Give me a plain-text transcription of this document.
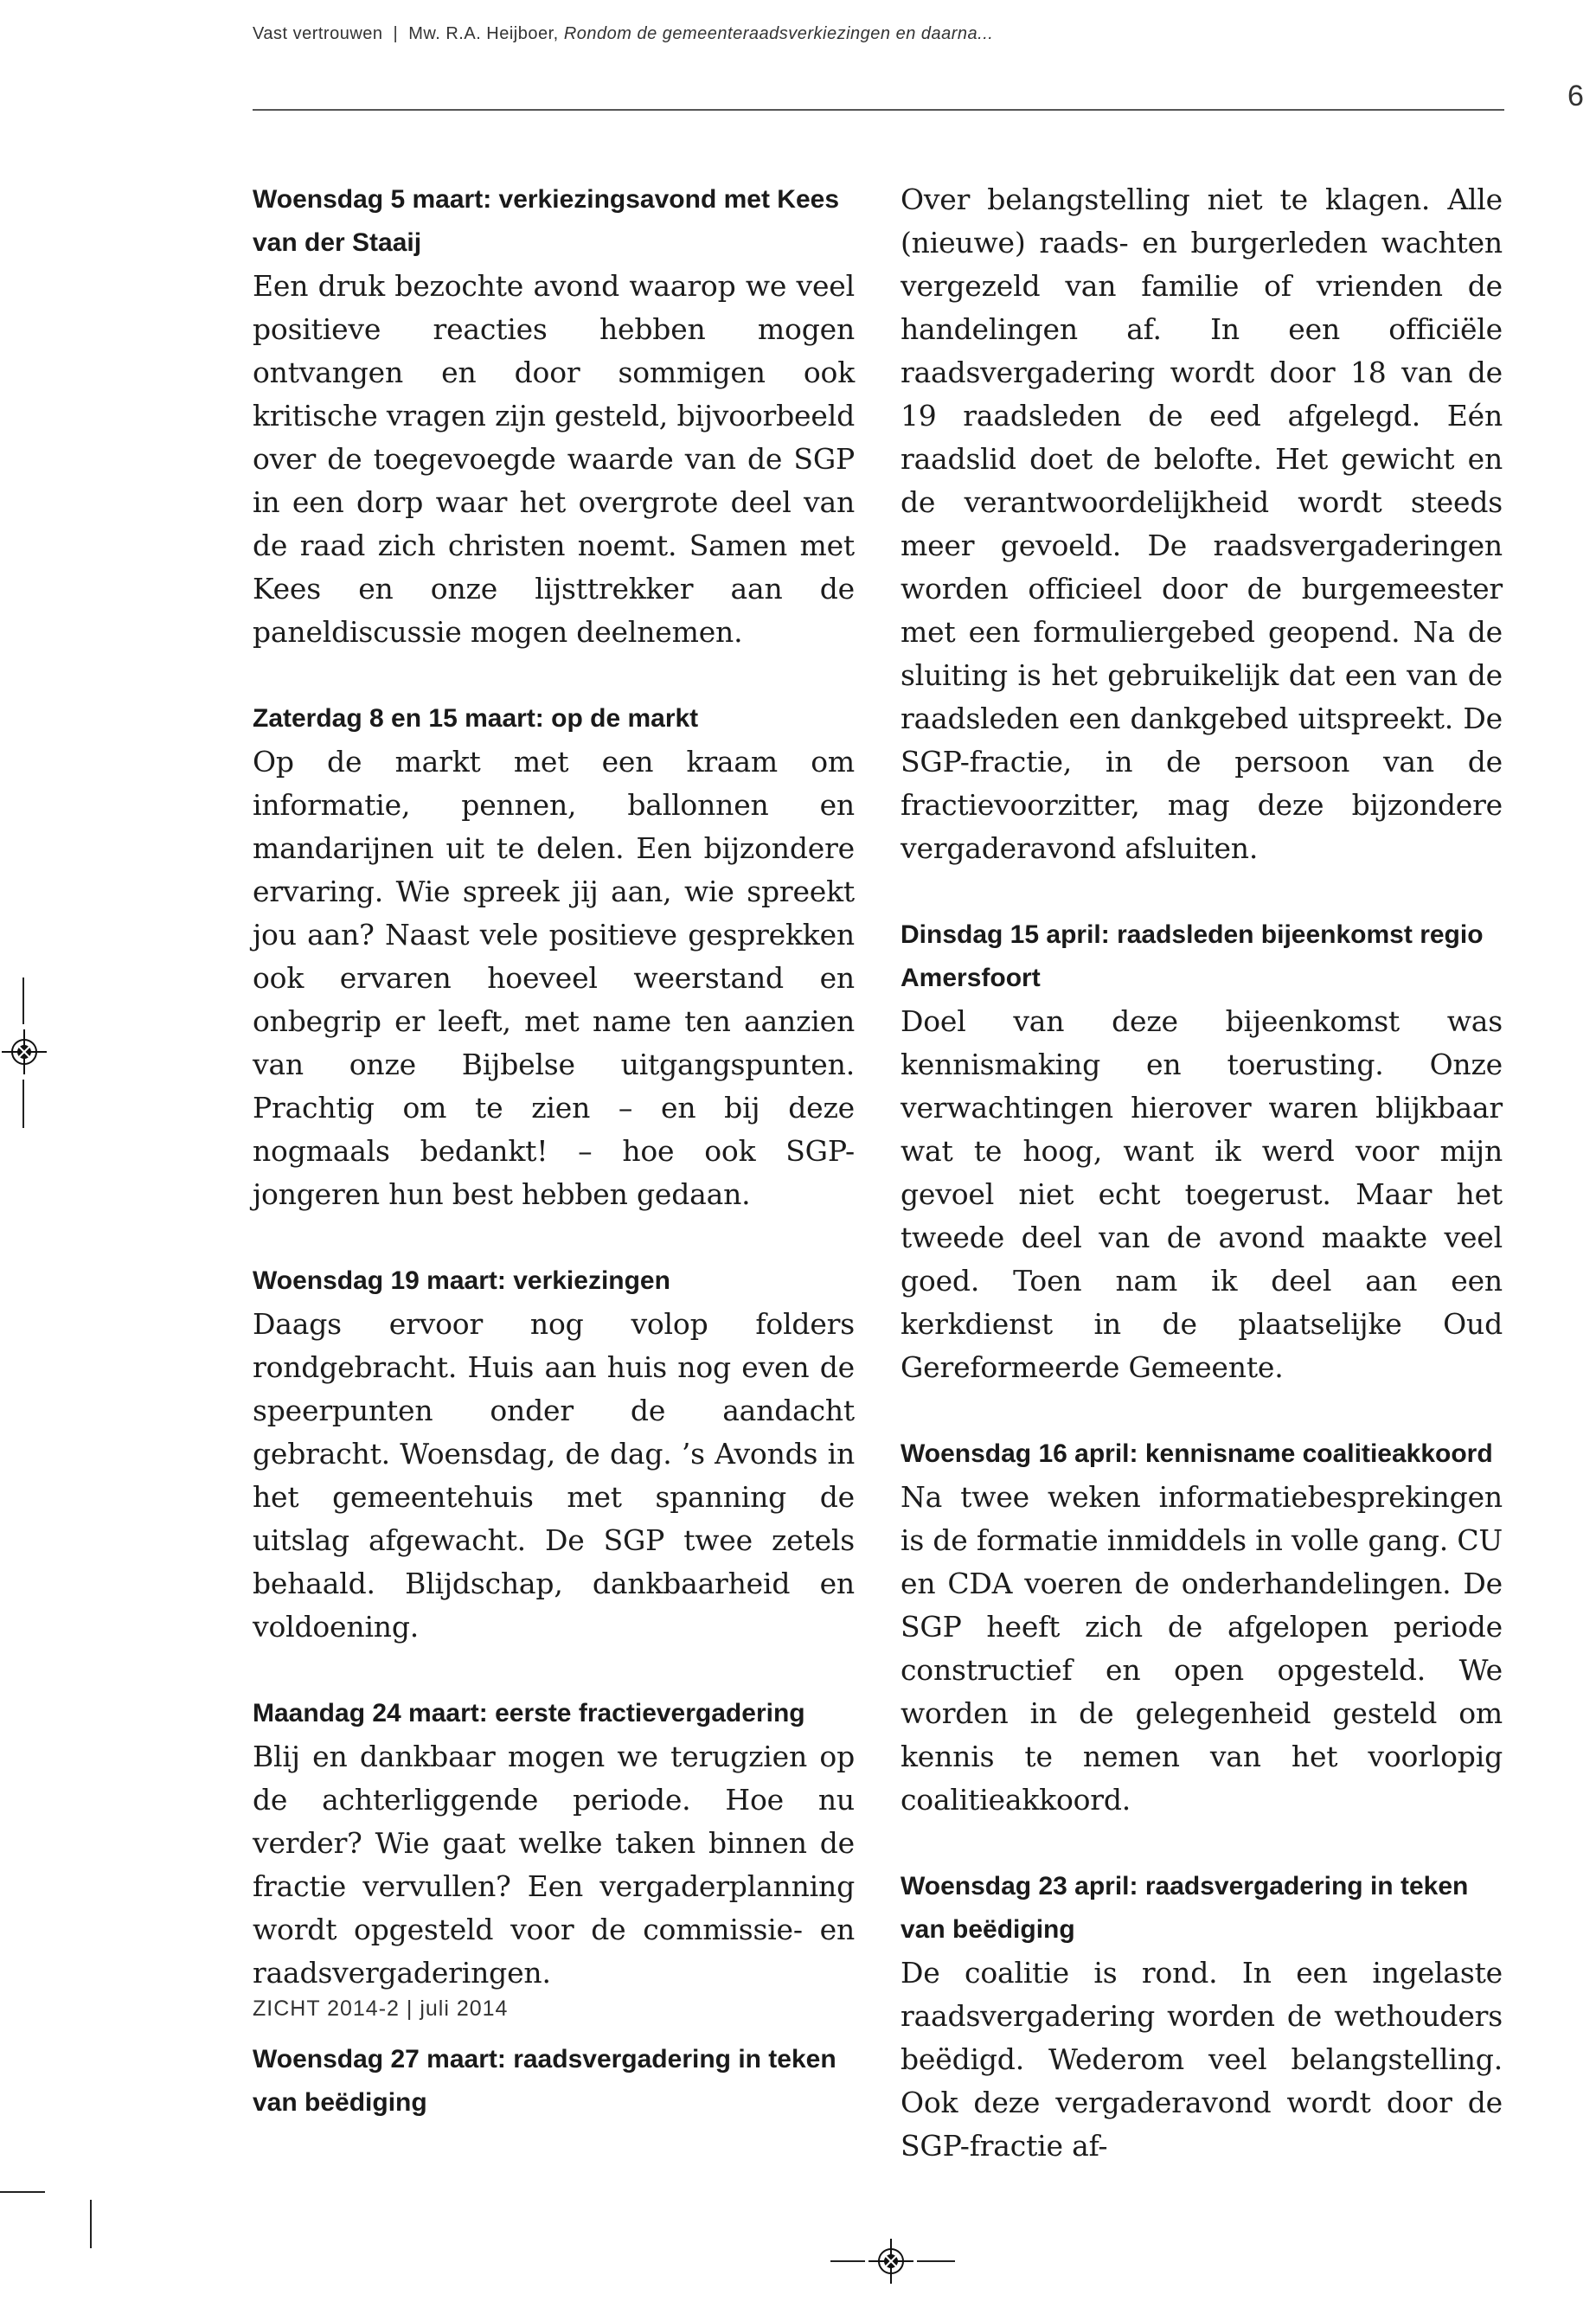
Vast vertrouwen | Mw. R.A. Heijboer, Rondom de gemeenteraadsverkiezingen en daarna...
6
Woensdag 5 maart: verkiezingsavond met Kees van der Staaij

Een druk bezochte avond waarop we veel positieve reacties hebben mogen ontvangen en door sommigen ook kritische vragen zijn gesteld, bijvoorbeeld over de toegevoegde waarde van de SGP in een dorp waar het overgrote deel van de raad zich christen noemt. Samen met Kees en onze lijsttrekker aan de paneldiscussie mogen deelnemen.

Zaterdag 8 en 15 maart: op de markt

Op de markt met een kraam om informatie, pennen, ballonnen en mandarijnen uit te delen. Een bijzondere ervaring. Wie spreek jij aan, wie spreekt jou aan? Naast vele positieve gesprekken ook ervaren hoeveel weerstand en onbegrip er leeft, met name ten aanzien van onze Bijbelse uitgangspunten. Prachtig om te zien – en bij deze nogmaals bedankt! – hoe ook SGP-jongeren hun best hebben gedaan.

Woensdag 19 maart: verkiezingen

Daags ervoor nog volop folders rondgebracht. Huis aan huis nog even de speerpunten onder de aandacht gebracht. Woensdag, de dag. ’s Avonds in het gemeentehuis met spanning de uitslag afgewacht. De SGP twee zetels behaald. Blijdschap, dankbaarheid en voldoening.

Maandag 24 maart: eerste fractievergadering

Blij en dankbaar mogen we terugzien op de achterliggende periode. Hoe nu verder? Wie gaat welke taken binnen de fractie vervullen? Een vergaderplanning wordt opgesteld voor de commissie- en raadsvergaderingen.

Woensdag 27 maart: raadsvergadering in teken van beëdiging

Over belangstelling niet te klagen. Alle (nieuwe) raads- en burgerleden wachten vergezeld van familie of vrienden de handelingen af. In een officiële raadsvergadering wordt door 18 van de 19 raadsleden de eed afgelegd. Eén raadslid doet de belofte. Het gewicht en de verantwoordelijkheid wordt steeds meer gevoeld. De raadsvergaderingen worden officieel door de burgemeester met een formuliergebed geopend. Na de sluiting is het gebruikelijk dat een van de raadsleden een dankgebed uitspreekt. De SGP-fractie, in de persoon van de fractievoorzitter, mag deze bijzondere vergaderavond afsluiten.

Dinsdag 15 april: raadsleden bijeenkomst regio Amersfoort

Doel van deze bijeenkomst was kennismaking en toerusting. Onze verwachtingen hierover waren blijkbaar wat te hoog, want ik werd voor mijn gevoel niet echt toegerust. Maar het tweede deel van de avond maakte veel goed. Toen nam ik deel aan een kerkdienst in de plaatselijke Oud Gereformeerde Gemeente.

Woensdag 16 april: kennisname coalitieakkoord

Na twee weken informatiebesprekingen is de formatie inmiddels in volle gang. CU en CDA voeren de onderhandelingen. De SGP heeft zich de afgelopen periode constructief en open opgesteld. We worden in de gelegenheid gesteld om kennis te nemen van het voorlopig coalitieakkoord.

Woensdag 23 april: raadsvergadering in teken van beëdiging

De coalitie is rond. In een ingelaste raadsvergadering worden de wethouders beëdigd. Wederom veel belangstelling. Ook deze vergaderavond wordt door de SGP-fractie af-

ZICHT 2014-2 | juli 2014
